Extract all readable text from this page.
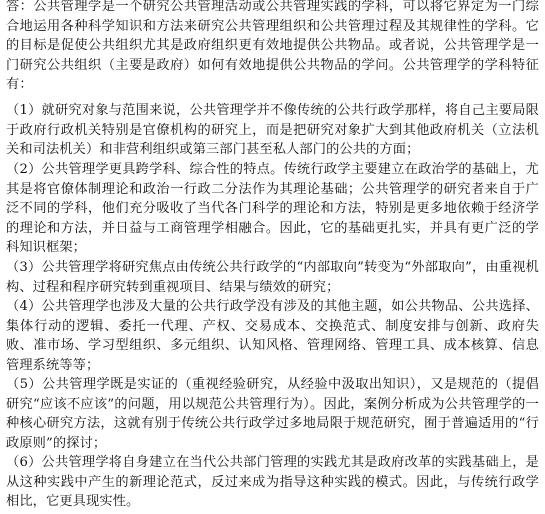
答：公共管理学是一个研究公共管理活动或公共管理实践的学科，可以将它界定为一门综合地运用各种科学知识和方法来研究公共管理组织和公共管理过程及其规律性的学科。它的目标是促使公共组织尤其是政府组织更有效地提供公共物品。或者说，公共管理学是一门研究公共组织（主要是政府）如何有效地提供公共物品的学问。公共管理学的学科特征有：

（1）就研究对象与范围来说，公共管理学并不像传统的公共行政学那样，将自己主要局限于政府行政机关特别是官僚机构的研究上，而是把研究对象扩大到其他政府机关（立法机关和司法机关）和非营利组织或第三部门甚至私人部门的公共的方面；

（2）公共管理学更具跨学科、综合性的特点。传统行政学主要建立在政治学的基础上，尤其是将官僚体制理论和政治一行政二分法作为其理论基础；公共管理学的研究者来自于广泛不同的学科，他们充分吸收了当代各门科学的理论和方法，特别是更多地依赖于经济学的理论和方法，并日益与工商管理学相融合。因此，它的基础更扎实，并具有更广泛的学科知识框架；

（3）公共管理学将研究焦点由传统公共行政学的“内部取向”转变为“外部取向”，由重视机构、过程和程序研究转到重视项目、结果与绩效的研究；

（4）公共管理学也涉及大量的公共行政学没有涉及的其他主题，如公共物品、公共选择、集体行动的逻辑、委托一代理、产权、交易成本、交换范式、制度安排与创新、政府失败、准市场、学习型组织、多元组织、认知风格、管理网络、管理工具、成本核算、信息管理系统等等；

（5）公共管理学既是实证的（重视经验研究，从经验中汲取出知识），又是规范的（提倡研究“应该不应该”的问题，用以规范公共管理行为）。因此，案例分析成为公共管理学的一种核心研究方法，这就有别于传统公共行政学过多地局限于规范研究，囿于普遍适用的“行政原则”的探讨；

（6）公共管理学将自身建立在当代公共部门管理的实践尤其是政府改革的实践基础上，是从这种实践中产生的新理论范式，反过来成为指导这种实践的模式。因此，与传统行政学相比，它更具现实性。
